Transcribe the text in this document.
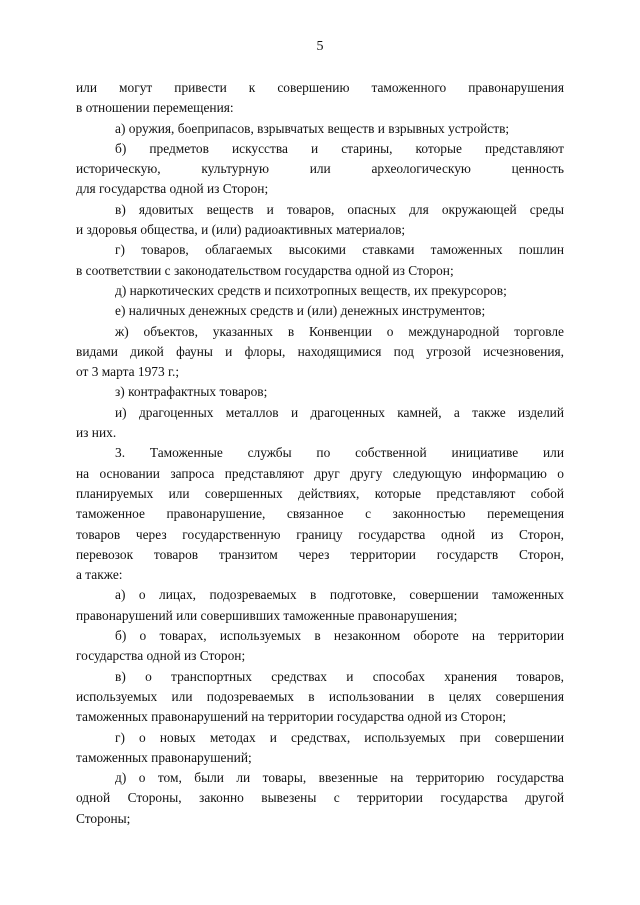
5
или могут привести к совершению таможенного правонарушения
в отношении перемещения:
а) оружия, боеприпасов, взрывчатых веществ и взрывных устройств;
б) предметов искусства и старины, которые представляют
историческую, культурную или археологическую ценность
для государства одной из Сторон;
в) ядовитых веществ и товаров, опасных для окружающей среды
и здоровья общества, и (или) радиоактивных материалов;
г) товаров, облагаемых высокими ставками таможенных пошлин
в соответствии с законодательством государства одной из Сторон;
д) наркотических средств и психотропных веществ, их прекурсоров;
е) наличных денежных средств и (или) денежных инструментов;
ж) объектов, указанных в Конвенции о международной торговле
видами дикой фауны и флоры, находящимися под угрозой исчезновения,
от 3 марта 1973 г.;
з) контрафактных товаров;
и) драгоценных металлов и драгоценных камней, а также изделий
из них.
3. Таможенные службы по собственной инициативе или
на основании запроса представляют друг другу следующую информацию о
планируемых или совершенных действиях, которые представляют собой
таможенное правонарушение, связанное с законностью перемещения
товаров через государственную границу государства одной из Сторон,
перевозок товаров транзитом через территории государств Сторон,
а также:
а) о лицах, подозреваемых в подготовке, совершении таможенных
правонарушений или совершивших таможенные правонарушения;
б) о товарах, используемых в незаконном обороте на территории
государства одной из Сторон;
в) о транспортных средствах и способах хранения товаров,
используемых или подозреваемых в использовании в целях совершения
таможенных правонарушений на территории государства одной из Сторон;
г) о новых методах и средствах, используемых при совершении
таможенных правонарушений;
д) о том, были ли товары, ввезенные на территорию государства
одной Стороны, законно вывезены с территории государства другой
Стороны;
